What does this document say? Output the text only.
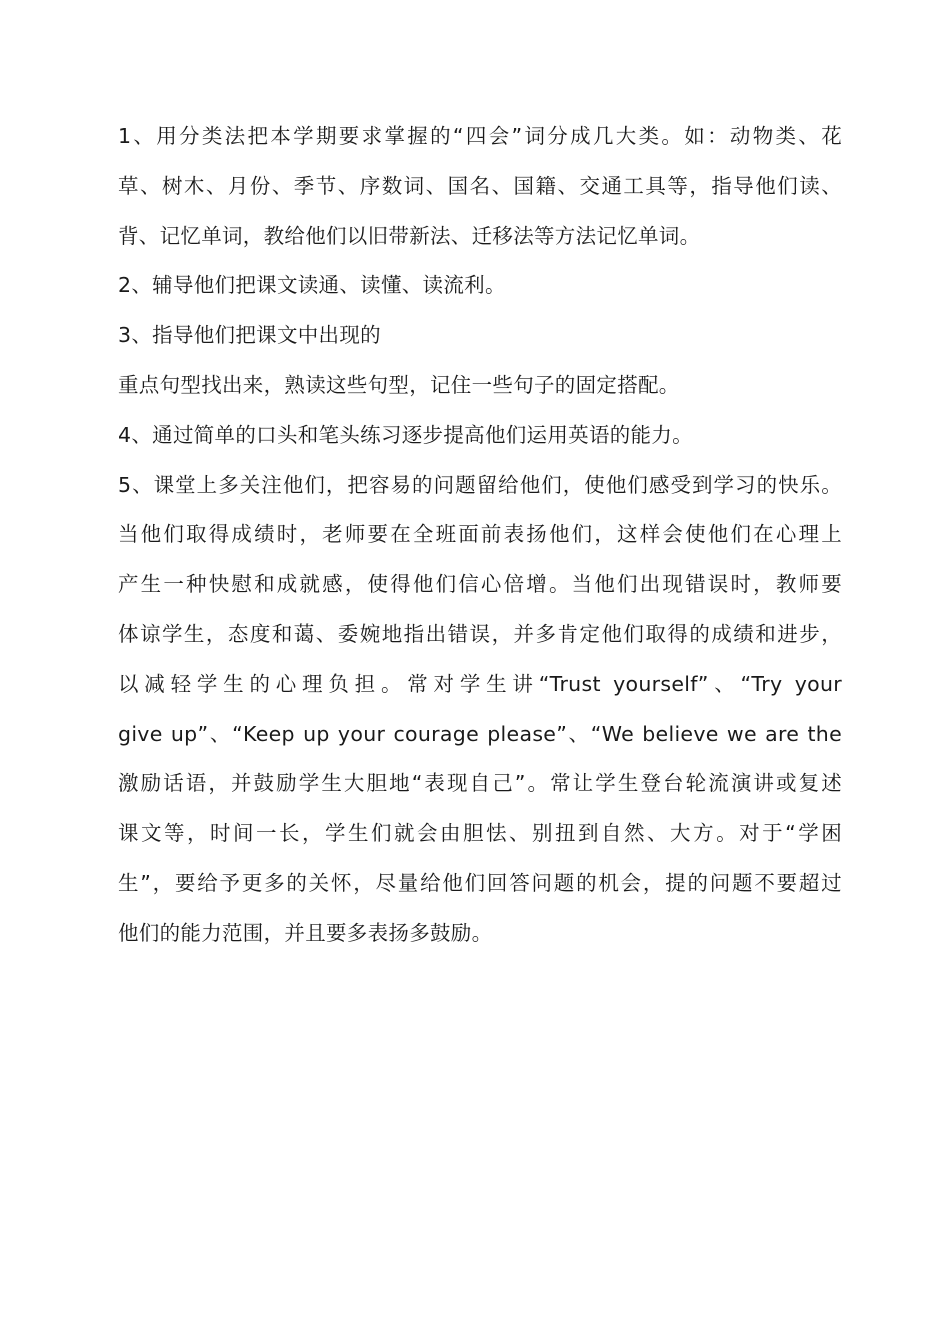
1、用分类法把本学期要求掌握的“四会”词分成几大类。如：动物类、花
草、树木、月份、季节、序数词、国名、国籍、交通工具等，指导他们读、
背、记忆单词，教给他们以旧带新法、迁移法等方法记忆单词。
2、辅导他们把课文读通、读懂、读流利。
3、指导他们把课文中出现的
重点句型找出来，熟读这些句型，记住一些句子的固定搭配。
4、通过简单的口头和笔头练习逐步提高他们运用英语的能力。
5、课堂上多关注他们，把容易的问题留给他们，使他们感受到学习的快乐。
当他们取得成绩时，老师要在全班面前表扬他们，这样会使他们在心理上
产生一种快慰和成就感，使得他们信心倍增。当他们出现错误时，教师要
体谅学生，态度和蔼、委婉地指出错误，并多肯定他们取得的成绩和进步，
以减轻学生的心理负担。常对学生讲“Trust yourself”、“Try your
give up”、“Keep up your courage please”、“We believe we are the
激励话语，并鼓励学生大胆地“表现自己”。常让学生登台轮流演讲或复述
课文等，时间一长，学生们就会由胆怯、别扭到自然、大方。对于“学困
生”，要给予更多的关怀，尽量给他们回答问题的机会，提的问题不要超过
他们的能力范围，并且要多表扬多鼓励。
